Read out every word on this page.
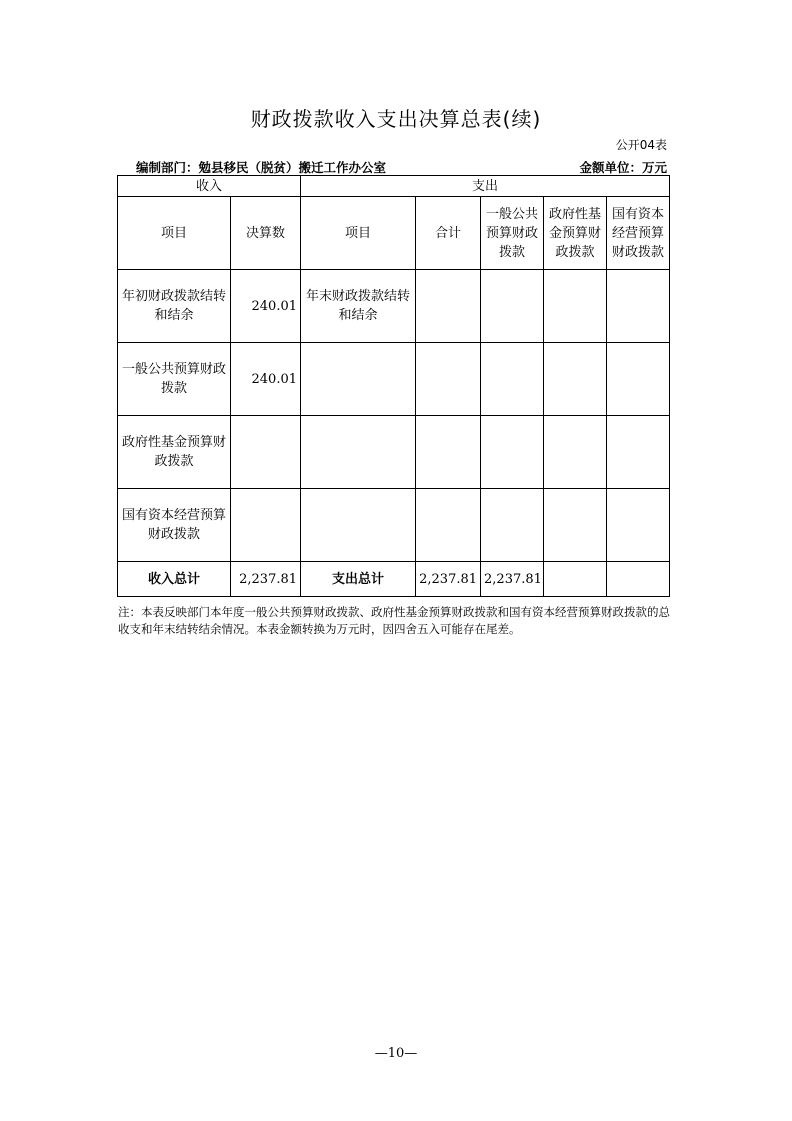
财政拨款收入支出决算总表(续)
公开04表
编制部门：勉县移民（脱贫）搬迁工作办公室	金额单位：万元
收入		支出				
项目	决算数	项目	合计	一般公共预算财政拨款	政府性基金预算财政拨款	国有资本经营预算财政拨款
年初财政拨款结转和结余	240.01	年末财政拨款结转和结余				
一般公共预算财政拨款	240.01					
政府性基金预算财政拨款						
国有资本经营预算财政拨款						
收入总计	2,237.81	支出总计	2,237.81	2,237.81		
注：本表反映部门本年度一般公共预算财政拨款、政府性基金预算财政拨款和国有资本经营预算财政拨款的总收支和年末结转结余情况。本表金额转换为万元时，因四舍五入可能存在尾差。
—10—
